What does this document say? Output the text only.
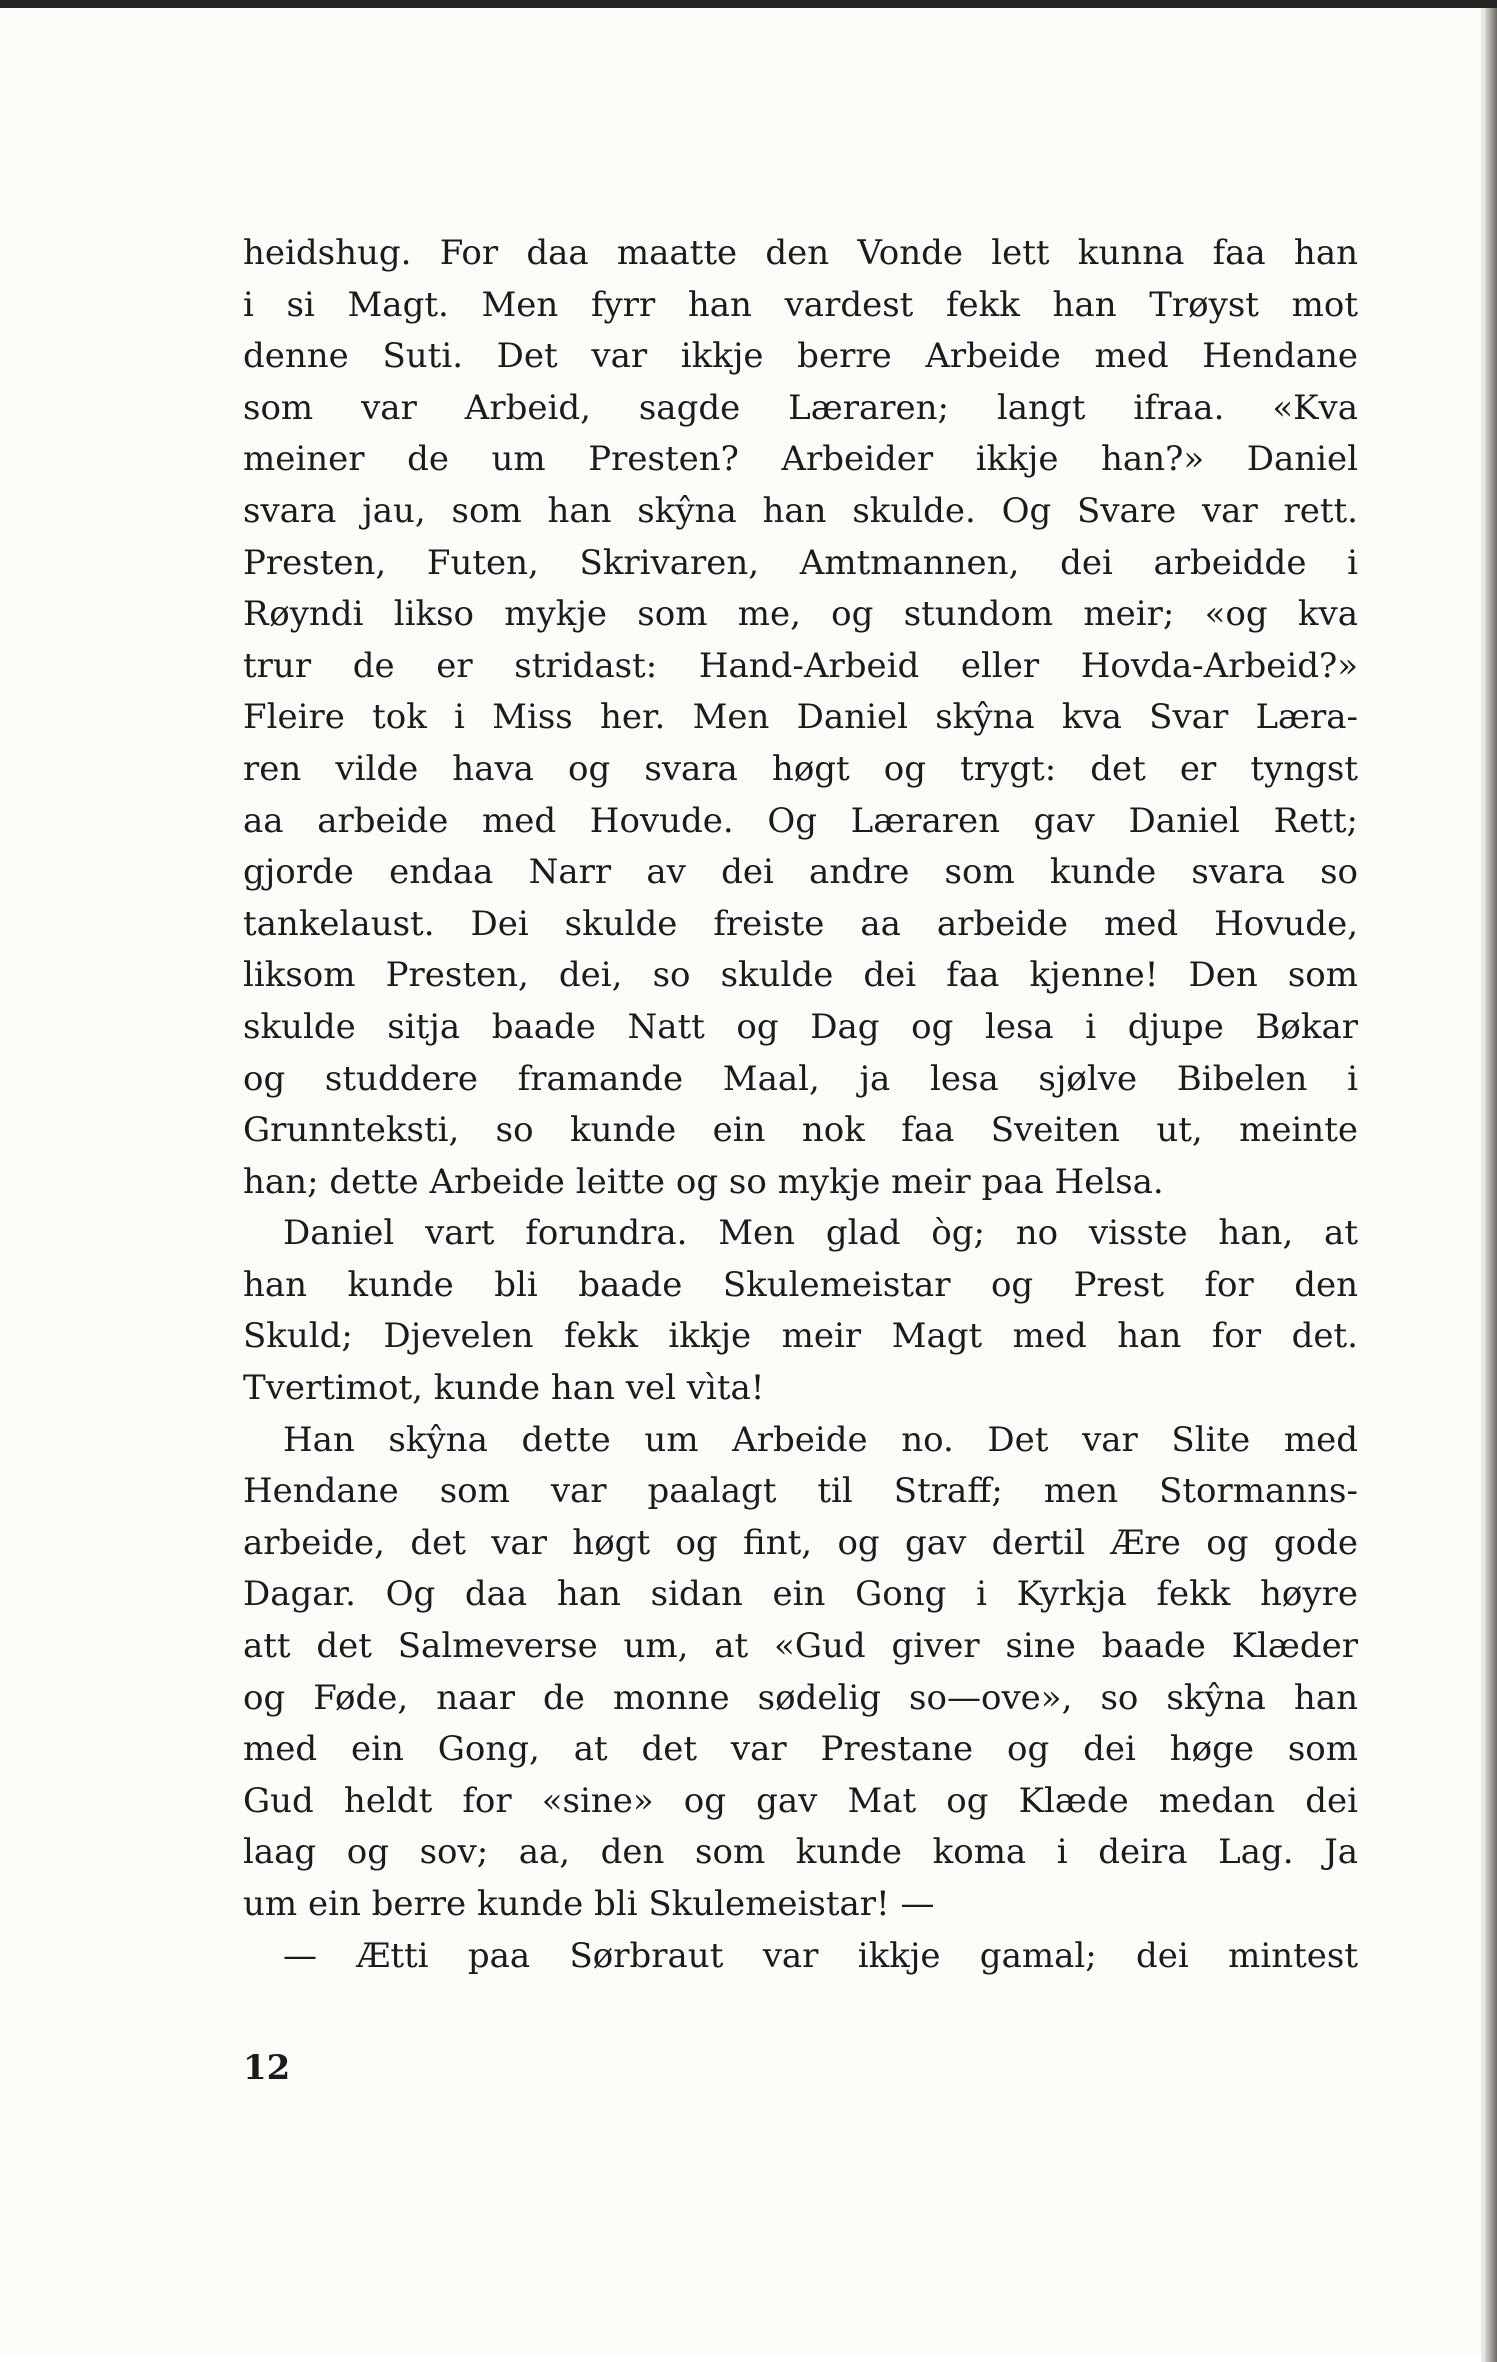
heidshug. For daa maatte den Vonde lett kunna faa han
i si Magt. Men fyrr han vardest fekk han Trøyst mot
denne Suti. Det var ikkje berre Arbeide med Hendane
som var Arbeid, sagde Læraren; langt ifraa. «Kva
meiner de um Presten? Arbeider ikkje han?» Daniel
svara jau, som han skŷna han skulde. Og Svare var rett.
Presten, Futen, Skrivaren, Amtmannen, dei arbeidde i
Røyndi likso mykje som me, og stundom meir; «og kva
trur de er stridast: Hand-Arbeid eller Hovda-Arbeid?»
Fleire tok i Miss her. Men Daniel skŷna kva Svar Lærа-
ren vilde hava og svara høgt og trygt: det er tyngst
aa arbeide med Hovude. Og Læraren gav Daniel Rett;
gjorde endaa Narr av dei andre som kunde svara so
tankelaust. Dei skulde freiste aa arbeide med Hovude,
liksom Presten, dei, so skulde dei faa kjenne! Den som
skulde sitja baade Natt og Dag og lesa i djupe Bøkar
og studdere framande Maal, ja lesa sjølve Bibelen i
Grunnteksti, so kunde ein nok faa Sveiten ut, meinte
han; dette Arbeide leitte og so mykje meir paa Helsa.
Daniel vart forundra. Men glad òg; no visste han, at
han kunde bli baade Skulemeistar og Prest for den
Skuld; Djevelen fekk ikkje meir Magt med han for det.
Tvertimot, kunde han vel vìta!
Han skŷna dette um Arbeide no. Det var Slite med
Hendane som var paalagt til Straff; men Stormanns-
arbeide, det var høgt og fint, og gav dertil Ære og gode
Dagar. Og daa han sidan ein Gong i Kyrkja fekk høyre
att det Salmeverse um, at «Gud giver sine baade Klæder
og Føde, naar de monne sødelig so—ove», so skŷna han
med ein Gong, at det var Prestane og dei høge som
Gud heldt for «sine» og gav Mat og Klæde medan dei
laag og sov; aa, den som kunde koma i deira Lag. Ja
um ein berre kunde bli Skulemeistar! —
— Ætti paa Sørbraut var ikkje gamal; dei mintest
12
